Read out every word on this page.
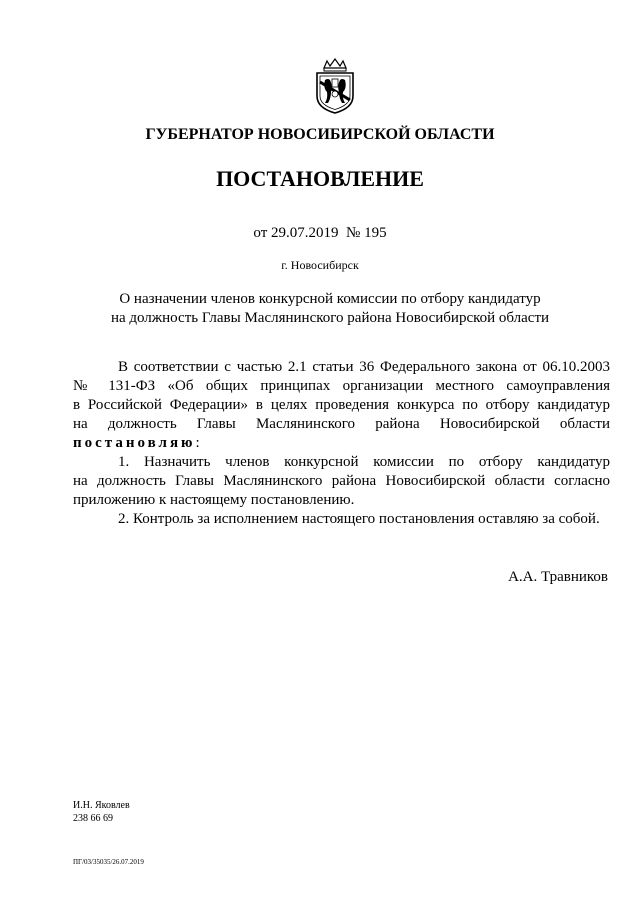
ГУБЕРНАТОР НОВОСИБИРСКОЙ ОБЛАСТИ
ПОСТАНОВЛЕНИЕ
от 29.07.2019  № 195
г. Новосибирск
О назначении членов конкурсной комиссии по отбору кандидатур
на должность Главы Маслянинского района Новосибирской области

В соответствии с частью 2.1 статьи 36 Федерального закона от 06.10.2003

№ 131-ФЗ «Об общих принципах организации местного самоуправления

в Российской Федерации» в целях проведения конкурса по отбору кандидатур

на должность Главы Маслянинского района Новосибирской области

постановляю:

1. Назначить членов конкурсной комиссии по отбору кандидатур

на должность Главы Маслянинского района Новосибирской области согласно

приложению к настоящему постановлению.

2. Контроль за исполнением настоящего постановления оставляю за собой.

А.А. Травников
И.Н. Яковлев
238 66 69
ПГ/03/35035/26.07.2019
